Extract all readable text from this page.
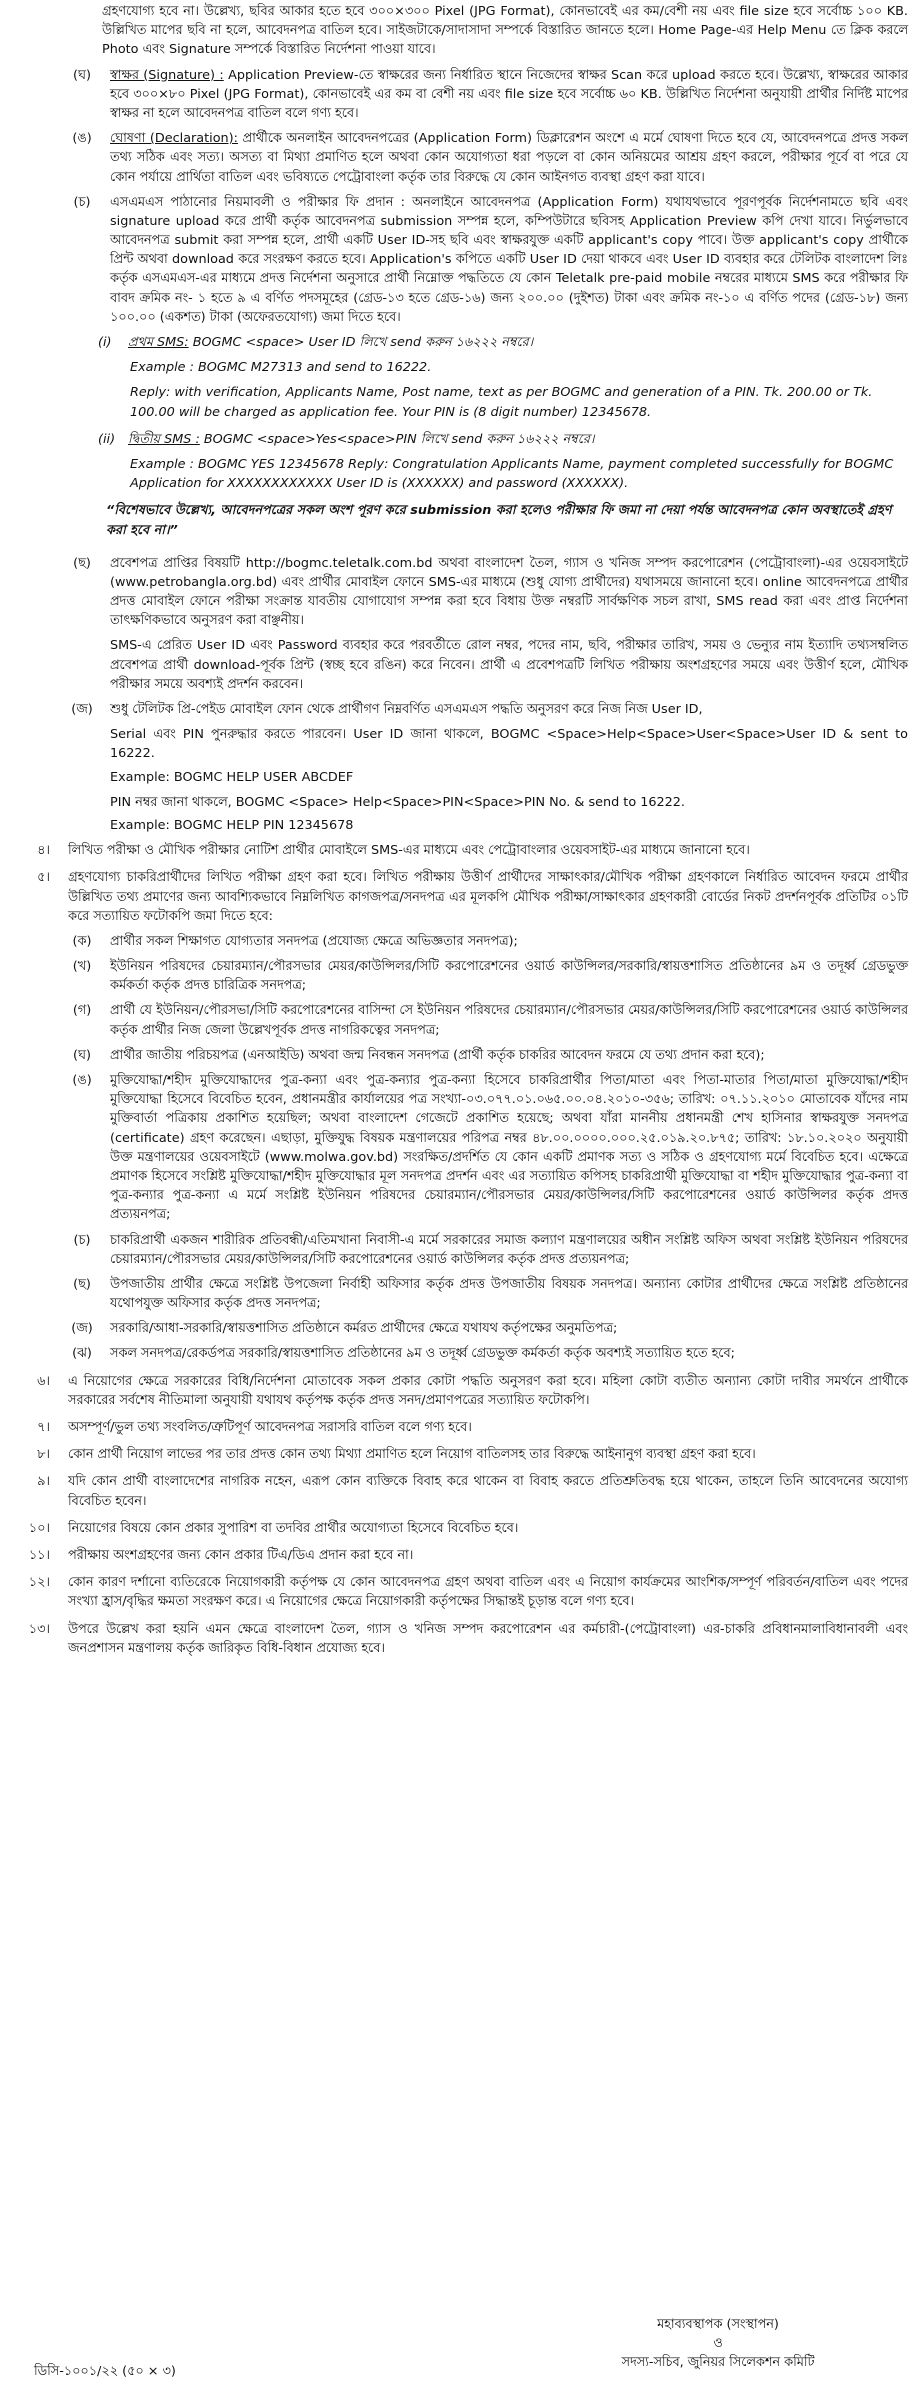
গ্রহণযোগ্য হবে না। উল্লেখ্য, ছবির আকার হতে হবে ৩০০×৩০০ Pixel (JPG Format), কোনভাবেই এর কম/বেশী নয় এবং file size হবে সর্বোচ্চ ১০০ KB. উল্লিখিত মাপের ছবি না হলে, আবেদনপত্র বাতিল হবে। সাইজটাকে/সাদাসাদা সম্পর্কে বিস্তারিত জানতে হলে। Home Page-এর Help Menu তে ক্লিক করলে Photo এবং Signature সম্পর্কে বিস্তারিত নির্দেশনা পাওয়া যাবে।
(ঘ)	স্বাক্ষর (Signature) : Application Preview-তে স্বাক্ষরের জন্য নির্ধারিত স্থানে নিজেদের স্বাক্ষর Scan করে upload করতে হবে। উল্লেখ্য, স্বাক্ষরের আকার হবে ৩০০×৮০ Pixel (JPG Format), কোনভাবেই এর কম বা বেশী নয় এবং file size হবে সর্বোচ্চ ৬০ KB. উল্লিখিত নির্দেশনা অনুযায়ী প্রার্থীর নির্দিষ্ট মাপের স্বাক্ষর না হলে আবেদনপত্র বাতিল বলে গণ্য হবে।
(ঙ)	ঘোষণা (Declaration): প্রার্থীকে অনলাইন আবেদনপত্রের (Application Form) ডিক্লারেশন অংশে এ মর্মে ঘোষণা দিতে হবে যে, আবেদনপত্রে প্রদত্ত সকল তথ্য সঠিক এবং সত্য। অসত্য বা মিথ্যা প্রমাণিত হলে অথবা কোন অযোগ্যতা ধরা পড়লে বা কোন অনিয়মের আশ্রয় গ্রহণ করলে, পরীক্ষার পূর্বে বা পরে যে কোন পর্যায়ে প্রার্থিতা বাতিল এবং ভবিষ্যতে পেট্রোবাংলা কর্তৃক তার বিরুদ্ধে যে কোন আইনগত ব্যবস্থা গ্রহণ করা যাবে।
(চ)	এসএমএস পাঠানোর নিয়মাবলী ও পরীক্ষার ফি প্রদান : অনলাইনে আবেদনপত্র (Application Form) যথাযথভাবে পূরণপূর্বক নির্দেশনামতে ছবি এবং signature upload করে প্রার্থী কর্তৃক আবেদনপত্র submission সম্পন্ন হলে, কম্পিউটারে ছবিসহ Application Preview কপি দেখা যাবে। নির্ভুলভাবে আবেদনপত্র submit করা সম্পন্ন হলে, প্রার্থী একটি User ID-সহ ছবি এবং স্বাক্ষরযুক্ত একটি applicant's copy পাবে। উক্ত applicant's copy প্রার্থীকে প্রিন্ট অথবা download করে সংরক্ষণ করতে হবে। Application's কপিতে একটি User ID দেয়া থাকবে এবং User ID ব্যবহার করে টেলিটক বাংলাদেশ লিঃ কর্তৃক এসএমএস-এর মাধ্যমে প্রদত্ত নির্দেশনা অনুসারে প্রার্থী নিম্নোক্ত পদ্ধতিতে যে কোন Teletalk pre-paid mobile নম্বরের মাধ্যমে SMS করে পরীক্ষার ফি বাবদ ক্রমিক নং- ১ হতে ৯ এ বর্ণিত পদসমূহের (গ্রেড-১৩ হতে গ্রেড-১৬) জন্য ২০০.০০ (দুইশত) টাকা এবং ক্রমিক নং-১০ এ বর্ণিত পদের (গ্রেড-১৮) জন্য ১০০.০০ (একশত) টাকা (অফেরতযোগ্য) জমা দিতে হবে।
(i) প্রথম SMS: BOGMC <space> User ID লিখে send করুন ১৬২২২ নম্বরে।
Example : BOGMC M27313 and send to 16222.
Reply: with verification, Applicants Name, Post name, text as per BOGMC and generation of a PIN. Tk. 200.00 or Tk. 100.00 will be charged as application fee. Your PIN is (8 digit number) 12345678.
(ii) দ্বিতীয় SMS : BOGMC <space>Yes<space>PIN লিখে send করুন ১৬২২২ নম্বরে।
Example : BOGMC YES 12345678 Reply: Congratulation Applicants Name, payment completed successfully for BOGMC Application for XXXXXXXXXXXX User ID is (XXXXXX) and password (XXXXXX).
“বিশেষভাবে উল্লেখ্য, আবেদনপত্রের সকল অংশ পূরণ করে submission করা হলেও পরীক্ষার ফি জমা না দেয়া পর্যন্ত আবেদনপত্র কোন অবস্থাতেই গ্রহণ করা হবে না।”
(ছ)	প্রবেশপত্র প্রাপ্তির বিষয়টি http://bogmc.teletalk.com.bd অথবা বাংলাদেশ তৈল, গ্যাস ও খনিজ সম্পদ করপোরেশন (পেট্রোবাংলা)-এর ওয়েবসাইটে (www.petrobangla.org.bd) এবং প্রার্থীর মোবাইল ফোনে SMS-এর মাধ্যমে (শুধু যোগ্য প্রার্থীদের) যথাসময়ে জানানো হবে। online আবেদনপত্রে প্রার্থীর প্রদত্ত মোবাইল ফোনে পরীক্ষা সংক্রান্ত যাবতীয় যোগাযোগ সম্পন্ন করা হবে বিধায় উক্ত নম্বরটি সার্বক্ষণিক সচল রাখা, SMS read করা এবং প্রাপ্ত নির্দেশনা তাৎক্ষণিকভাবে অনুসরণ করা বাঞ্ছনীয়।
SMS-এ প্রেরিত User ID এবং Password ব্যবহার করে পরবর্তীতে রোল নম্বর, পদের নাম, ছবি, পরীক্ষার তারিখ, সময় ও ভেন্যুর নাম ইত্যাদি তথ্যসম্বলিত প্রবেশপত্র প্রার্থী download-পূর্বক প্রিন্ট (স্বচ্ছ হবে রঙিন) করে নিবেন। প্রার্থী এ প্রবেশপত্রটি লিখিত পরীক্ষায় অংশগ্রহণের সময়ে এবং উত্তীর্ণ হলে, মৌখিক পরীক্ষার সময়ে অবশ্যই প্রদর্শন করবেন।
(জ)	শুধু টেলিটক প্রি-পেইড মোবাইল ফোন থেকে প্রার্থীগণ নিম্নবর্ণিত এসএমএস পদ্ধতি অনুসরণ করে নিজ নিজ User ID,
Serial এবং PIN পুনরুদ্ধার করতে পারবেন। User ID জানা থাকলে, BOGMC <Space>Help<Space>User<Space>User ID & sent to 16222.
Example: BOGMC HELP USER ABCDEF
PIN নম্বর জানা থাকলে, BOGMC <Space> Help<Space>PIN<Space>PIN No. & send to 16222.
Example: BOGMC HELP PIN 12345678
৪।	লিখিত পরীক্ষা ও মৌখিক পরীক্ষার নোটিশ প্রার্থীর মোবাইলে SMS-এর মাধ্যমে এবং পেট্রোবাংলার ওয়েবসাইট-এর মাধ্যমে জানানো হবে।
৫।	গ্রহণযোগ্য চাকরিপ্রার্থীদের লিখিত পরীক্ষা গ্রহণ করা হবে। লিখিত পরীক্ষায় উত্তীর্ণ প্রার্থীদের সাক্ষাৎকার/মৌখিক পরীক্ষা গ্রহণকালে নির্ধারিত আবেদন ফরমে প্রার্থীর উল্লিখিত তথ্য প্রমাণের জন্য আবশ্যিকভাবে নিম্নলিখিত কাগজপত্র/সনদপত্র এর মূলকপি মৌখিক পরীক্ষা/সাক্ষাৎকার গ্রহণকারী বোর্ডের নিকট প্রদর্শনপূর্বক প্রতিটির ০১টি করে সত্যায়িত ফটোকপি জমা দিতে হবে:
(ক)	প্রার্থীর সকল শিক্ষাগত যোগ্যতার সনদপত্র (প্রযোজ্য ক্ষেত্রে অভিজ্ঞতার সনদপত্র);
(খ)	ইউনিয়ন পরিষদের চেয়ারম্যান/পৌরসভার মেয়র/কাউন্সিলর/সিটি করপোরেশনের ওয়ার্ড কাউন্সিলর/সরকারি/স্বায়ত্তশাসিত প্রতিষ্ঠানের ৯ম ও তদূর্ধ্ব গ্রেডভুক্ত কর্মকর্তা কর্তৃক প্রদত্ত চারিত্রিক সনদপত্র;
(গ)	প্রার্থী যে ইউনিয়ন/পৌরসভা/সিটি করপোরেশনের বাসিন্দা সে ইউনিয়ন পরিষদের চেয়ারম্যান/পৌরসভার মেয়র/কাউন্সিলর/সিটি করপোরেশনের ওয়ার্ড কাউন্সিলর কর্তৃক প্রার্থীর নিজ জেলা উল্লেখপূর্বক প্রদত্ত নাগরিকত্বের সনদপত্র;
(ঘ)	প্রার্থীর জাতীয় পরিচয়পত্র (এনআইডি) অথবা জন্ম নিবন্ধন সনদপত্র (প্রার্থী কর্তৃক চাকরির আবেদন ফরমে যে তথ্য প্রদান করা হবে);
(ঙ)	মুক্তিযোদ্ধা/শহীদ মুক্তিযোদ্ধাদের পুত্র-কন্যা এবং পুত্র-কন্যার পুত্র-কন্যা হিসেবে চাকরিপ্রার্থীর পিতা/মাতা এবং পিতা-মাতার পিতা/মাতা মুক্তিযোদ্ধা/শহীদ মুক্তিযোদ্ধা হিসেবে বিবেচিত হবেন, প্রধানমন্ত্রীর কার্যালয়ের পত্র সংখ্যা-০৩.০৭৭.০১.০৬৫.০০.০৪.২০১০-৩৫৬; তারিখ: ০৭.১১.২০১০ মোতাবেক যাঁদের নাম মুক্তিবার্তা পত্রিকায় প্রকাশিত হয়েছিল; অথবা বাংলাদেশ গেজেটে প্রকাশিত হয়েছে; অথবা যাঁরা মাননীয় প্রধানমন্ত্রী শেখ হাসিনার স্বাক্ষরযুক্ত সনদপত্র (certificate) গ্রহণ করেছেন। এছাড়া, মুক্তিযুদ্ধ বিষয়ক মন্ত্রণালয়ের পরিপত্র নম্বর ৪৮.০০.০০০০.০০০.২৫.০১৯.২০.৮৭৫; তারিখ: ১৮.১০.২০২০ অনুযায়ী উক্ত মন্ত্রণালয়ের ওয়েবসাইটে (www.molwa.gov.bd) সংরক্ষিত/প্রদর্শিত যে কোন একটি প্রমাণক সত্য ও সঠিক ও গ্রহণযোগ্য মর্মে বিবেচিত হবে। এক্ষেত্রে প্রমাণক হিসেবে সংশ্লিষ্ট মুক্তিযোদ্ধা/শহীদ মুক্তিযোদ্ধার মূল সনদপত্র প্রদর্শন এবং এর সত্যায়িত কপিসহ চাকরিপ্রার্থী মুক্তিযোদ্ধা বা শহীদ মুক্তিযোদ্ধার পুত্র-কন্যা বা পুত্র-কন্যার পুত্র-কন্যা এ মর্মে সংশ্লিষ্ট ইউনিয়ন পরিষদের চেয়ারম্যান/পৌরসভার মেয়র/কাউন্সিলর/সিটি করপোরেশনের ওয়ার্ড কাউন্সিলর কর্তৃক প্রদত্ত প্রত্যয়নপত্র;
(চ)	চাকরিপ্রার্থী একজন শারীরিক প্রতিবন্ধী/এতিমখানা নিবাসী-এ মর্মে সরকারের সমাজ কল্যাণ মন্ত্রণালয়ের অধীন সংশ্লিষ্ট অফিস অথবা সংশ্লিষ্ট ইউনিয়ন পরিষদের চেয়ারম্যান/পৌরসভার মেয়র/কাউন্সিলর/সিটি করপোরেশনের ওয়ার্ড কাউন্সিলর কর্তৃক প্রদত্ত প্রত্যয়নপত্র;
(ছ)	উপজাতীয় প্রার্থীর ক্ষেত্রে সংশ্লিষ্ট উপজেলা নির্বাহী অফিসার কর্তৃক প্রদত্ত উপজাতীয় বিষয়ক সনদপত্র। অন্যান্য কোটার প্রার্থীদের ক্ষেত্রে সংশ্লিষ্ট প্রতিষ্ঠানের যথোপযুক্ত অফিসার কর্তৃক প্রদত্ত সনদপত্র;
(জ)	সরকারি/আধা-সরকারি/স্বায়ত্তশাসিত প্রতিষ্ঠানে কর্মরত প্রার্থীদের ক্ষেত্রে যথাযথ কর্তৃপক্ষের অনুমতিপত্র;
(ঝ)	সকল সনদপত্র/রেকর্ডপত্র সরকারি/স্বায়ত্তশাসিত প্রতিষ্ঠানের ৯ম ও তদূর্ধ্ব গ্রেডভুক্ত কর্মকর্তা কর্তৃক অবশ্যই সত্যায়িত হতে হবে;
৬।	এ নিয়োগের ক্ষেত্রে সরকারের বিধি/নির্দেশনা মোতাবেক সকল প্রকার কোটা পদ্ধতি অনুসরণ করা হবে। মহিলা কোটা ব্যতীত অন্যান্য কোটা দাবীর সমর্থনে প্রার্থীকে সরকারের সর্বশেষ নীতিমালা অনুযায়ী যথাযথ কর্তৃপক্ষ কর্তৃক প্রদত্ত সনদ/প্রমাণপত্রের সত্যায়িত ফটোকপি।
৭।	অসম্পূর্ণ/ভুল তথ্য সংবলিত/ত্রুটিপূর্ণ আবেদনপত্র সরাসরি বাতিল বলে গণ্য হবে।
৮।	কোন প্রার্থী নিয়োগ লাভের পর তার প্রদত্ত কোন তথ্য মিথ্যা প্রমাণিত হলে নিয়োগ বাতিলসহ তার বিরুদ্ধে আইনানুগ ব্যবস্থা গ্রহণ করা হবে।
৯।	যদি কোন প্রার্থী বাংলাদেশের নাগরিক নহেন, এরূপ কোন ব্যক্তিকে বিবাহ করে থাকেন বা বিবাহ করতে প্রতিশ্রুতিবদ্ধ হয়ে থাকেন, তাহলে তিনি আবেদনের অযোগ্য বিবেচিত হবেন।
১০।	নিয়োগের বিষয়ে কোন প্রকার সুপারিশ বা তদবির প্রার্থীর অযোগ্যতা হিসেবে বিবেচিত হবে।
১১।	পরীক্ষায় অংশগ্রহণের জন্য কোন প্রকার টিএ/ডিএ প্রদান করা হবে না।
১২।	কোন কারণ দর্শানো ব্যতিরেকে নিয়োগকারী কর্তৃপক্ষ যে কোন আবেদনপত্র গ্রহণ অথবা বাতিল এবং এ নিয়োগ কার্যক্রমের আংশিক/সম্পূর্ণ পরিবর্তন/বাতিল এবং পদের সংখ্যা হ্রাস/বৃদ্ধির ক্ষমতা সংরক্ষণ করে। এ নিয়োগের ক্ষেত্রে নিয়োগকারী কর্তৃপক্ষের সিদ্ধান্তই চূড়ান্ত বলে গণ্য হবে।
১৩।	উপরে উল্লেখ করা হয়নি এমন ক্ষেত্রে বাংলাদেশ তৈল, গ্যাস ও খনিজ সম্পদ করপোরেশন এর কর্মচারী-(পেট্রোবাংলা) এর-চাকরি প্রবিধানমালাবিধানাবলী এবং জনপ্রশাসন মন্ত্রণালয় কর্তৃক জারিকৃত বিধি-বিধান প্রযোজ্য হবে।
মহাব্যবস্থাপক (সংস্থাপন)
ও
সদস্য-সচিব, জুনিয়র সিলেকশন কমিটি
ডিসি-১০০১/২২ (৫০ × ৩)
